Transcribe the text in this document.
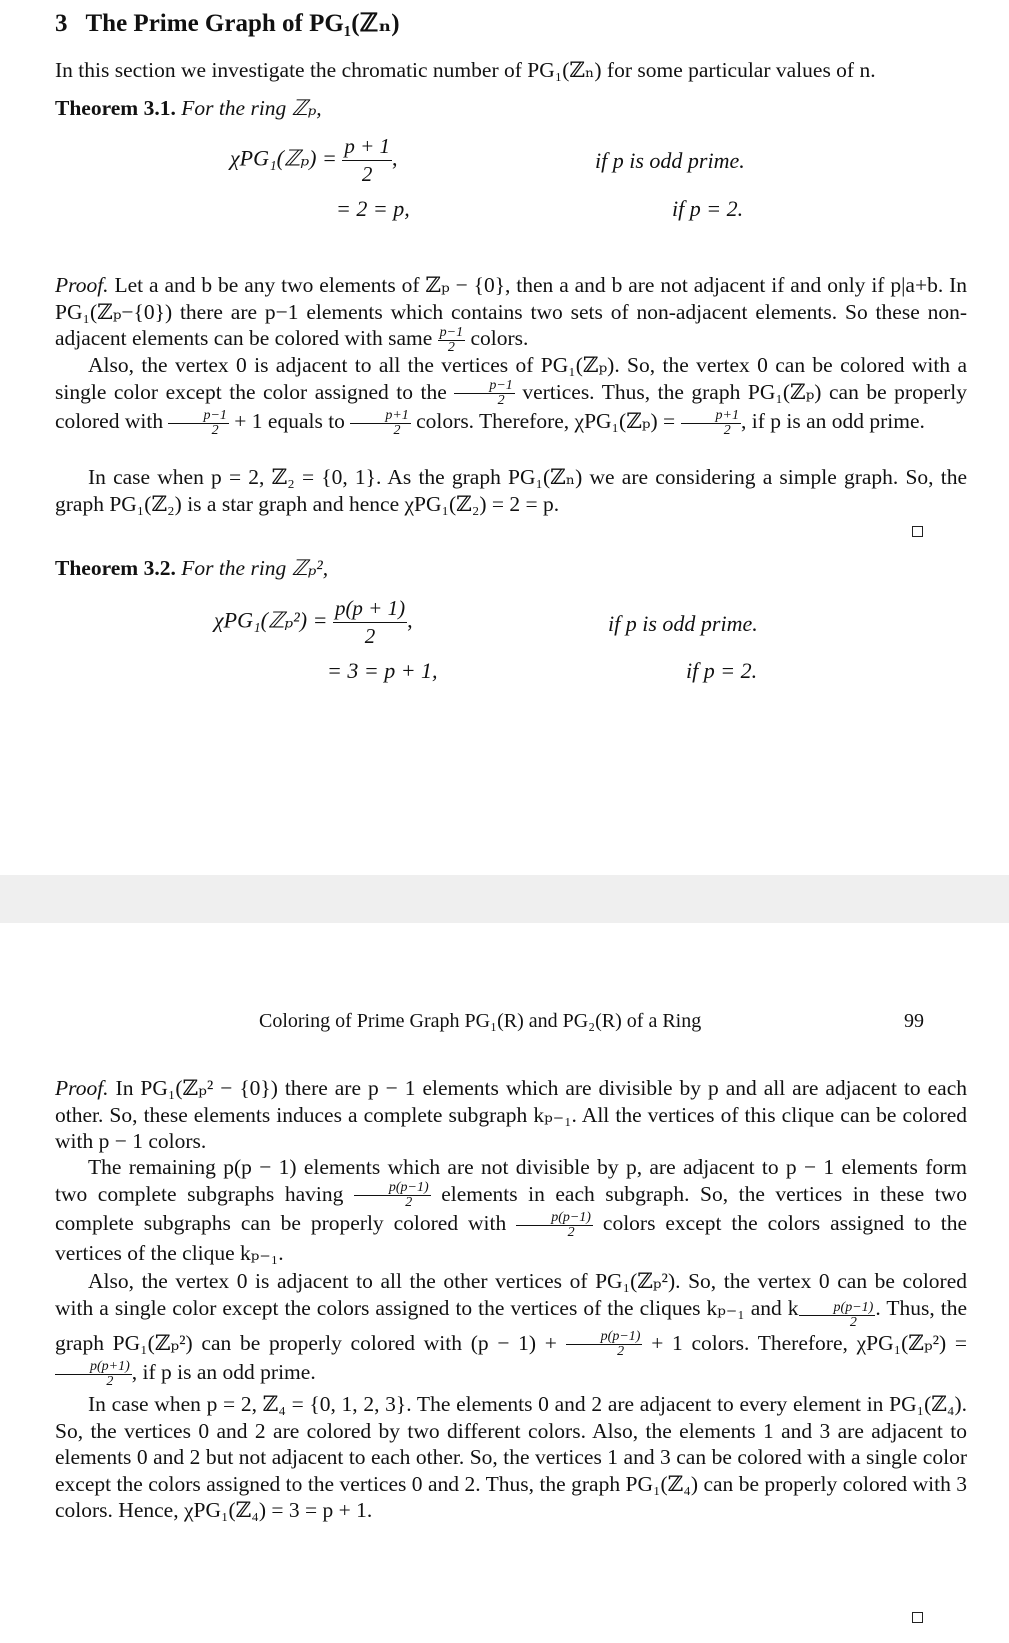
3 The Prime Graph of PG₁(ℤₙ)

In this section we investigate the chromatic number of PG₁(ℤₙ) for some particular values of n.

Theorem 3.1. For the ring ℤₚ,

χPG₁(ℤₚ) = $\frac{p + 1}{2}$ ,	if p is odd prime.
= 2 = p,	if p = 2.

Proof. Let a and b be any two elements of ℤₚ − {0}, then a and b are not adjacent if and only if p|a+b. In PG₁(ℤₚ−{0}) there are p−1 elements which contains two sets of non-adjacent elements. So these non-adjacent elements can be colored with same $\frac{p-1}{2}$ colors.

Also, the vertex 0 is adjacent to all the vertices of PG₁(ℤₚ). So, the vertex 0 can be colored with a single color except the color assigned to the $\frac{p-1}{2}$ vertices. Thus, the graph PG₁(ℤₚ) can be properly colored with $\frac{p-1}{2} + 1$ equals to $\frac{p+1}{2}$ colors. Therefore, χPG₁(ℤₚ) = $\frac{p+1}{2}$ , if p is an odd prime.

In case when p = 2, ℤ₂ = {0, 1}. As the graph PG₁(ℤₙ) we are considering a simple graph. So, the graph PG₁(ℤ₂) is a star graph and hence χPG₁(ℤ₂) = 2 = p.

Theorem 3.2. For the ring ℤₚ²,

χPG₁(ℤₚ²) = $\frac{p(p + 1)}{2}$ ,	if p is odd prime.
= 3 = p + 1,	if p = 2.
Coloring of Prime Graph PG₁(R) and PG₂(R) of a Ring	99

Proof. In PG₁(ℤₚ² − {0}) there are p − 1 elements which are divisible by p and all are adjacent to each other. So, these elements induces a complete subgraph kₚ₋₁. All the vertices of this clique can be colored with p − 1 colors.

The remaining p(p − 1) elements which are not divisible by p, are adjacent to p − 1 elements form two complete subgraphs having $\frac{p(p-1)}{2}$ elements in each subgraph. So, the vertices in these two complete subgraphs can be properly colored with $\frac{p(p-1)}{2}$ colors except the colors assigned to the vertices of the clique kₚ₋₁.

Also, the vertex 0 is adjacent to all the other vertices of PG₁(ℤₚ²). So, the vertex 0 can be colored with a single color except the colors assigned to the vertices of the cliques kₚ₋₁ and k $\frac{p(p-1)}{2}$ . Thus, the graph PG₁(ℤₚ²) can be properly colored with $(p - 1) + \frac{p(p-1)}{2} + 1$ colors. Therefore, χPG₁(ℤₚ²) =
$\frac{p(p+1)}{2}$ , if p is an odd prime.

In case when p = 2, ℤ₄ = {0, 1, 2, 3}. The elements 0 and 2 are adjacent to every element in PG₁(ℤ₄). So, the vertices 0 and 2 are colored by two different colors. Also, the elements 1 and 3 are adjacent to elements 0 and 2 but not adjacent to each other. So, the vertices 1 and 3 can be colored with a single color except the colors assigned to the vertices 0 and 2. Thus, the graph PG₁(ℤ₄) can be properly colored with 3 colors. Hence, χPG₁(ℤ₄) = 3 = p + 1.
